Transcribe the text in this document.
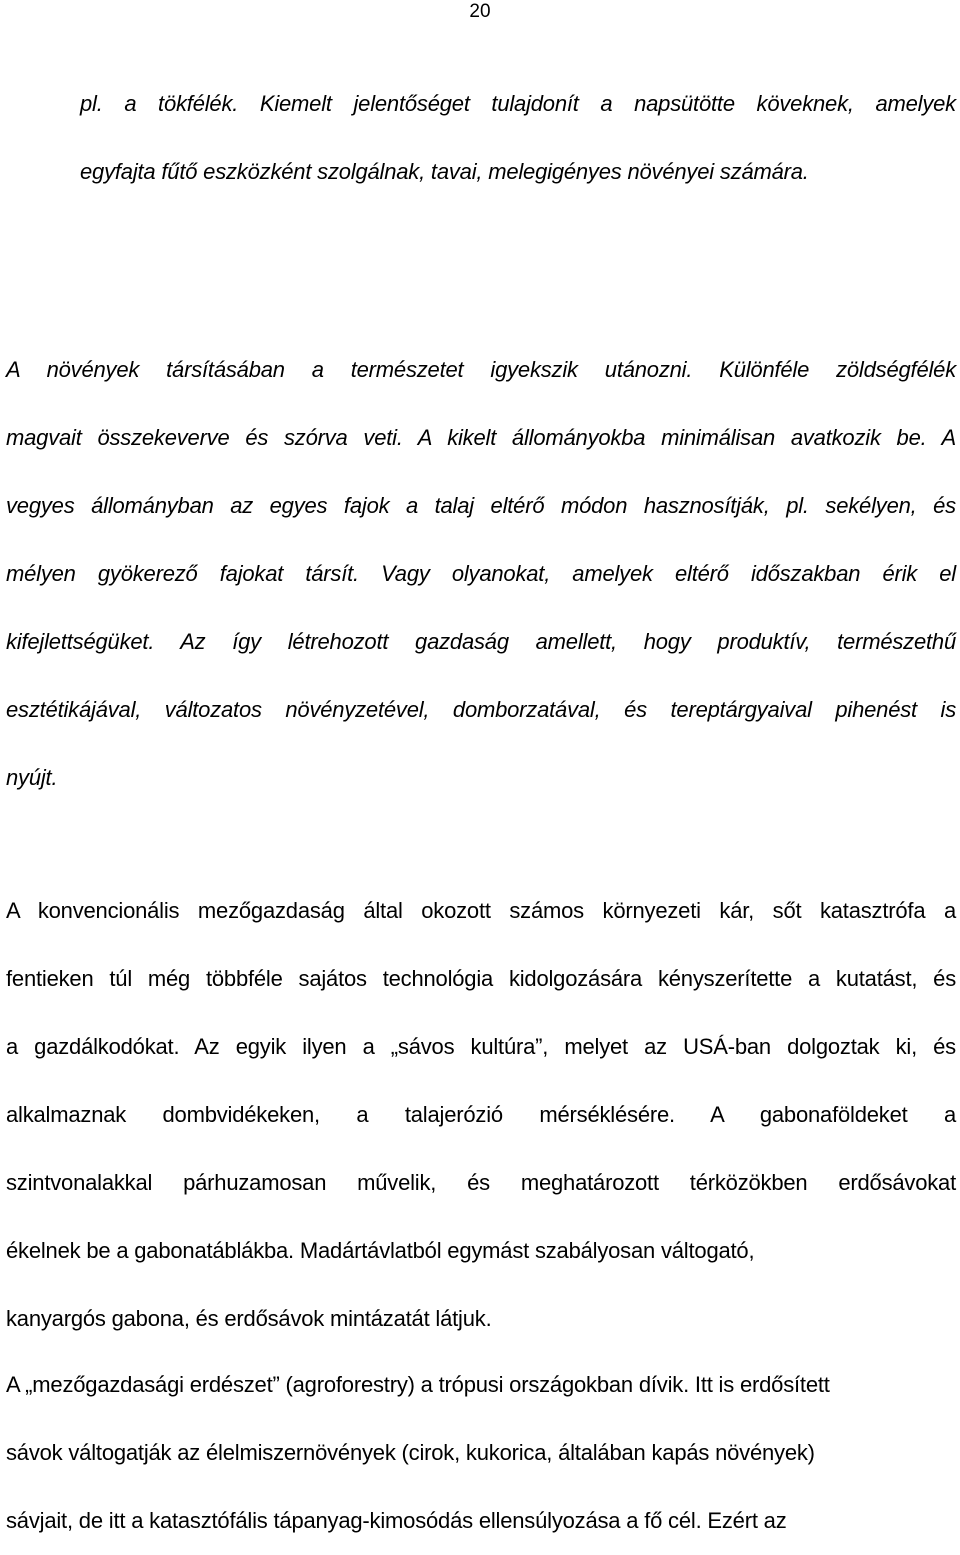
20

pl. a tökfélék. Kiemelt jelentőséget tulajdonít a napsütötte köveknek, amelyek
egyfajta fűtő eszközként szolgálnak, tavai, melegigényes növényei számára.

A növények társításában a természetet igyekszik utánozni. Különféle zöldségfélék
magvait összekeverve és szórva veti. A kikelt állományokba minimálisan avatkozik be. A
vegyes állományban az egyes fajok a talaj eltérő módon hasznosítják, pl. sekélyen, és
mélyen gyökerező fajokat társít. Vagy olyanokat, amelyek eltérő időszakban érik el
kifejlettségüket. Az így létrehozott gazdaság amellett, hogy produktív, természethű
esztétikájával, változatos növényzetével, domborzatával, és tereptárgyaival pihenést is
nyújt.

A konvencionális mezőgazdaság által okozott számos környezeti kár, sőt katasztrófa a
fentieken túl még többféle sajátos technológia kidolgozására kényszerítette a kutatást, és
a gazdálkodókat. Az egyik ilyen a „sávos kultúra”, melyet az USÁ-ban dolgoztak ki, és
alkalmaznak dombvidékeken, a talajerózió mérséklésére. A gabonaföldeket a
szintvonalakkal párhuzamosan művelik, és meghatározott térközökben erdősávokat
ékelnek be a gabonatáblákba. Madártávlatból egymást szabályosan váltogató,
kanyargós gabona, és erdősávok mintázatát látjuk.

A „mezőgazdasági erdészet” (agroforestry) a trópusi országokban dívik. Itt is erdősített
sávok váltogatják az élelmiszernövények (cirok, kukorica, általában kapás növények)
sávjait, de itt a katasztófális tápanyag-kimosódás ellensúlyozása a fő cél. Ezért az
